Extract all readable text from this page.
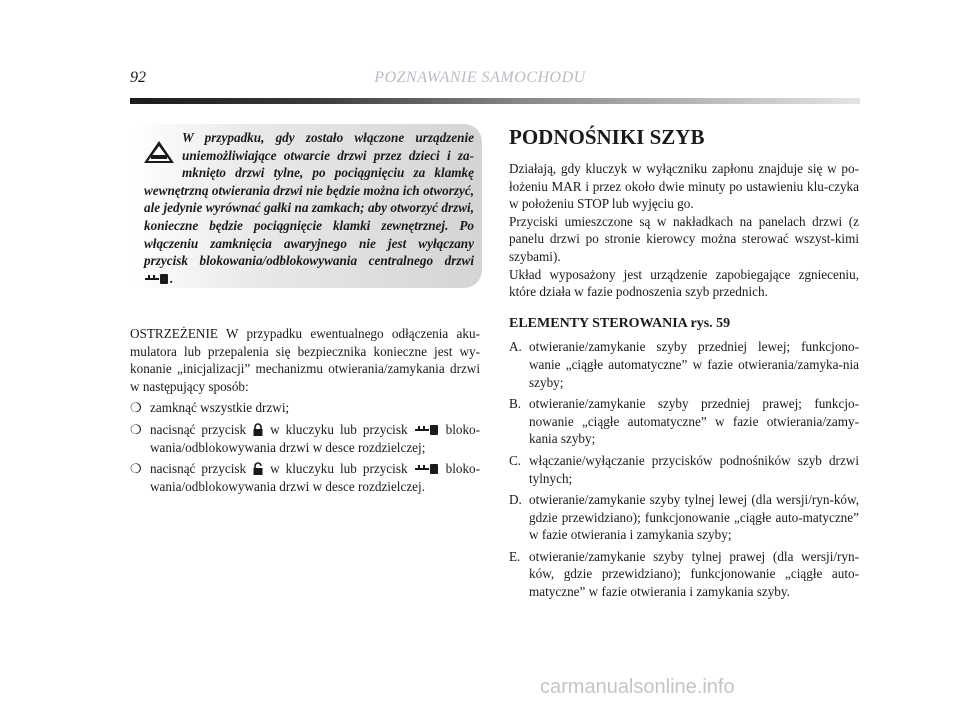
92	POZNAWANIE SAMOCHODU

W przypadku, gdy zostało włączone urządzenie uniemożliwiające otwarcie drzwi przez dzieci i za-mknięto drzwi tylne, po pociągnięciu za klamkę wewnętrzną otwierania drzwi nie będzie można ich otworzyć, ale jedynie wyrównać gałki na zamkach; aby otworzyć drzwi, konieczne będzie pociągnięcie klamki zewnętrznej. Po włączeniu zamknięcia awaryjnego nie jest wyłączany przycisk blokowania/odblokowywania centralnego drzwi .

OSTRZEŻENIE W przypadku ewentualnego odłączenia aku-mulatora lub przepalenia się bezpiecznika konieczne jest wy-konanie „inicjalizacji” mechanizmu otwierania/zamykania drzwi w następujący sposób:

❍ zamknąć wszystkie drzwi;
❍ nacisnąć przycisk w kluczyku lub przycisk	bloko-wania/odblokowywania drzwi w desce rozdzielczej;
❍ nacisnąć przycisk w kluczyku lub przycisk	bloko-wania/odblokowywania drzwi w desce rozdzielczej.
PODNOŚNIKI SZYB

Działają, gdy kluczyk w wyłączniku zapłonu znajduje się w po-łożeniu MAR i przez około dwie minuty po ustawieniu klu-czyka w położeniu STOP lub wyjęciu go.

Przyciski umieszczone są w nakładkach na panelach drzwi (z panelu drzwi po stronie kierowcy można sterować wszyst-kimi szybami).

Układ wyposażony jest urządzenie zapobiegające zgnieceniu, które działa w fazie podnoszenia szyb przednich.

ELEMENTY STEROWANIA rys. 59
A. otwieranie/zamykanie szyby przedniej lewej; funkcjono-wanie „ciągłe automatyczne” w fazie otwierania/zamyka-nia szyby;
B. otwieranie/zamykanie szyby przedniej prawej; funkcjo-nowanie „ciągłe automatyczne” w fazie otwierania/zamy-kania szyby;
C. włączanie/wyłączanie przycisków podnośników szyb drzwi tylnych;
D. otwieranie/zamykanie szyby tylnej lewej (dla wersji/ryn-ków, gdzie przewidziano); funkcjonowanie „ciągłe auto-matyczne” w fazie otwierania i zamykania szyby;
E. otwieranie/zamykanie szyby tylnej prawej (dla wersji/ryn-ków, gdzie przewidziano); funkcjonowanie „ciągłe auto-matyczne” w fazie otwierania i zamykania szyby.
carmanualsonline.info
